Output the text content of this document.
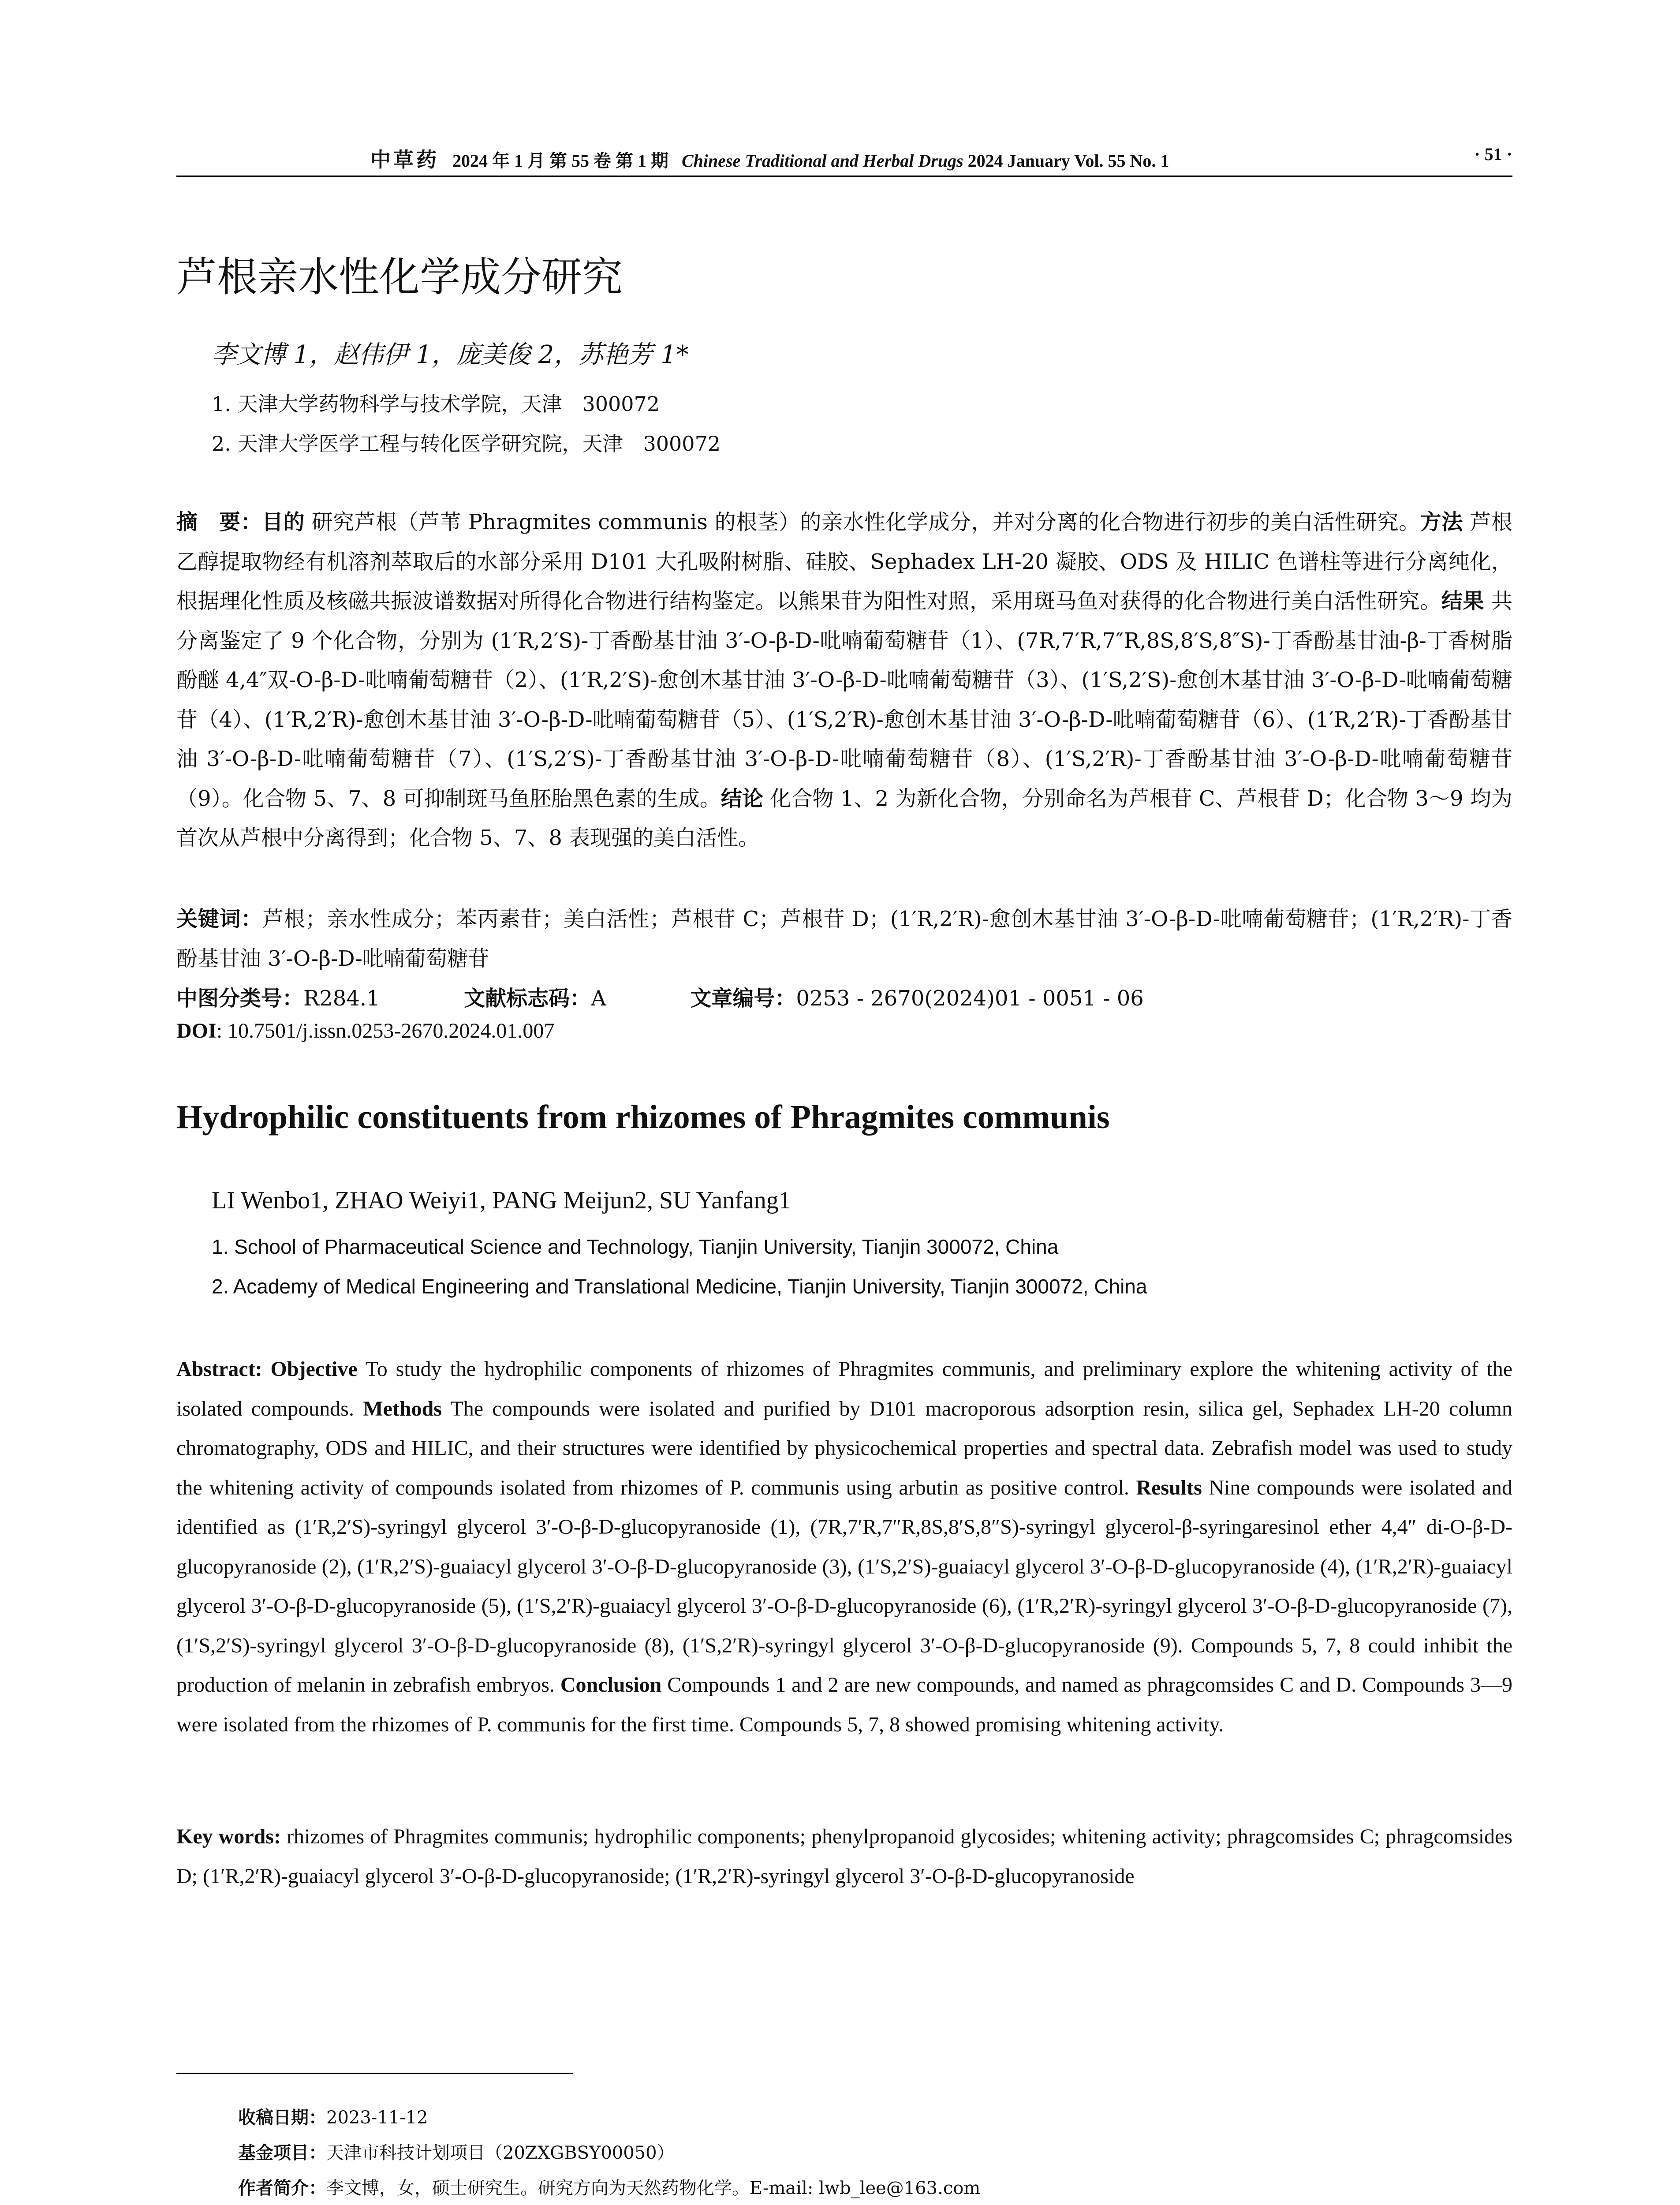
中草药 2024 年 1 月 第 55 卷 第 1 期 Chinese Traditional and Herbal Drugs 2024 January Vol. 55 No. 1	· 51 ·
芦根亲水性化学成分研究
李文博 1，赵伟伊 1，庞美俊 2，苏艳芳 1*
1. 天津大学药物科学与技术学院，天津　300072
2. 天津大学医学工程与转化医学研究院，天津　300072
摘　要：目的 研究芦根（芦苇 Phragmites communis 的根茎）的亲水性化学成分，并对分离的化合物进行初步的美白活性研究。方法 芦根乙醇提取物经有机溶剂萃取后的水部分采用 D101 大孔吸附树脂、硅胶、Sephadex LH-20 凝胶、ODS 及 HILIC 色谱柱等进行分离纯化，根据理化性质及核磁共振波谱数据对所得化合物进行结构鉴定。以熊果苷为阳性对照，采用斑马鱼对获得的化合物进行美白活性研究。结果 共分离鉴定了 9 个化合物，分别为 (1′R,2′S)-丁香酚基甘油 3′-O-β-D-吡喃葡萄糖苷（1）、(7R,7′R,7″R,8S,8′S,8″S)-丁香酚基甘油-β-丁香树脂酚醚 4,4″双-O-β-D-吡喃葡萄糖苷（2）、(1′R,2′S)-愈创木基甘油 3′-O-β-D-吡喃葡萄糖苷（3）、(1′S,2′S)-愈创木基甘油 3′-O-β-D-吡喃葡萄糖苷（4）、(1′R,2′R)-愈创木基甘油 3′-O-β-D-吡喃葡萄糖苷（5）、(1′S,2′R)-愈创木基甘油 3′-O-β-D-吡喃葡萄糖苷（6）、(1′R,2′R)-丁香酚基甘油 3′-O-β-D-吡喃葡萄糖苷（7）、(1′S,2′S)-丁香酚基甘油 3′-O-β-D-吡喃葡萄糖苷（8）、(1′S,2′R)-丁香酚基甘油 3′-O-β-D-吡喃葡萄糖苷（9）。化合物 5、7、8 可抑制斑马鱼胚胎黑色素的生成。结论 化合物 1、2 为新化合物，分别命名为芦根苷 C、芦根苷 D；化合物 3～9 均为首次从芦根中分离得到；化合物 5、7、8 表现强的美白活性。
关键词：芦根；亲水性成分；苯丙素苷；美白活性；芦根苷 C；芦根苷 D；(1′R,2′R)-愈创木基甘油 3′-O-β-D-吡喃葡萄糖苷；(1′R,2′R)-丁香酚基甘油 3′-O-β-D-吡喃葡萄糖苷
中图分类号：R284.1	文献标志码：A	文章编号：0253 - 2670(2024)01 - 0051 - 06
DOI: 10.7501/j.issn.0253-2670.2024.01.007
Hydrophilic constituents from rhizomes of Phragmites communis
LI Wenbo1, ZHAO Weiyi1, PANG Meijun2, SU Yanfang1
1. School of Pharmaceutical Science and Technology, Tianjin University, Tianjin 300072, China
2. Academy of Medical Engineering and Translational Medicine, Tianjin University, Tianjin 300072, China
Abstract: Objective To study the hydrophilic components of rhizomes of Phragmites communis, and preliminary explore the whitening activity of the isolated compounds. Methods The compounds were isolated and purified by D101 macroporous adsorption resin, silica gel, Sephadex LH-20 column chromatography, ODS and HILIC, and their structures were identified by physicochemical properties and spectral data. Zebrafish model was used to study the whitening activity of compounds isolated from rhizomes of P. communis using arbutin as positive control. Results Nine compounds were isolated and identified as (1′R,2′S)-syringyl glycerol 3′-O-β-D-glucopyranoside (1), (7R,7′R,7″R,8S,8′S,8″S)-syringyl glycerol-β-syringaresinol ether 4,4″ di-O-β-D-glucopyranoside (2), (1′R,2′S)-guaiacyl glycerol 3′-O-β-D-glucopyranoside (3), (1′S,2′S)-guaiacyl glycerol 3′-O-β-D-glucopyranoside (4), (1′R,2′R)-guaiacyl glycerol 3′-O-β-D-glucopyranoside (5), (1′S,2′R)-guaiacyl glycerol 3′-O-β-D-glucopyranoside (6), (1′R,2′R)-syringyl glycerol 3′-O-β-D-glucopyranoside (7), (1′S,2′S)-syringyl glycerol 3′-O-β-D-glucopyranoside (8), (1′S,2′R)-syringyl glycerol 3′-O-β-D-glucopyranoside (9). Compounds 5, 7, 8 could inhibit the production of melanin in zebrafish embryos. Conclusion Compounds 1 and 2 are new compounds, and named as phragcomsides C and D. Compounds 3—9 were isolated from the rhizomes of P. communis for the first time. Compounds 5, 7, 8 showed promising whitening activity.
Key words: rhizomes of Phragmites communis; hydrophilic components; phenylpropanoid glycosides; whitening activity; phragcomsides C; phragcomsides D; (1′R,2′R)-guaiacyl glycerol 3′-O-β-D-glucopyranoside; (1′R,2′R)-syringyl glycerol 3′-O-β-D-glucopyranoside
收稿日期：2023-11-12
基金项目：天津市科技计划项目（20ZXGBSY00050）
作者简介：李文博，女，硕士研究生。研究方向为天然药物化学。E-mail: lwb_lee@163.com
